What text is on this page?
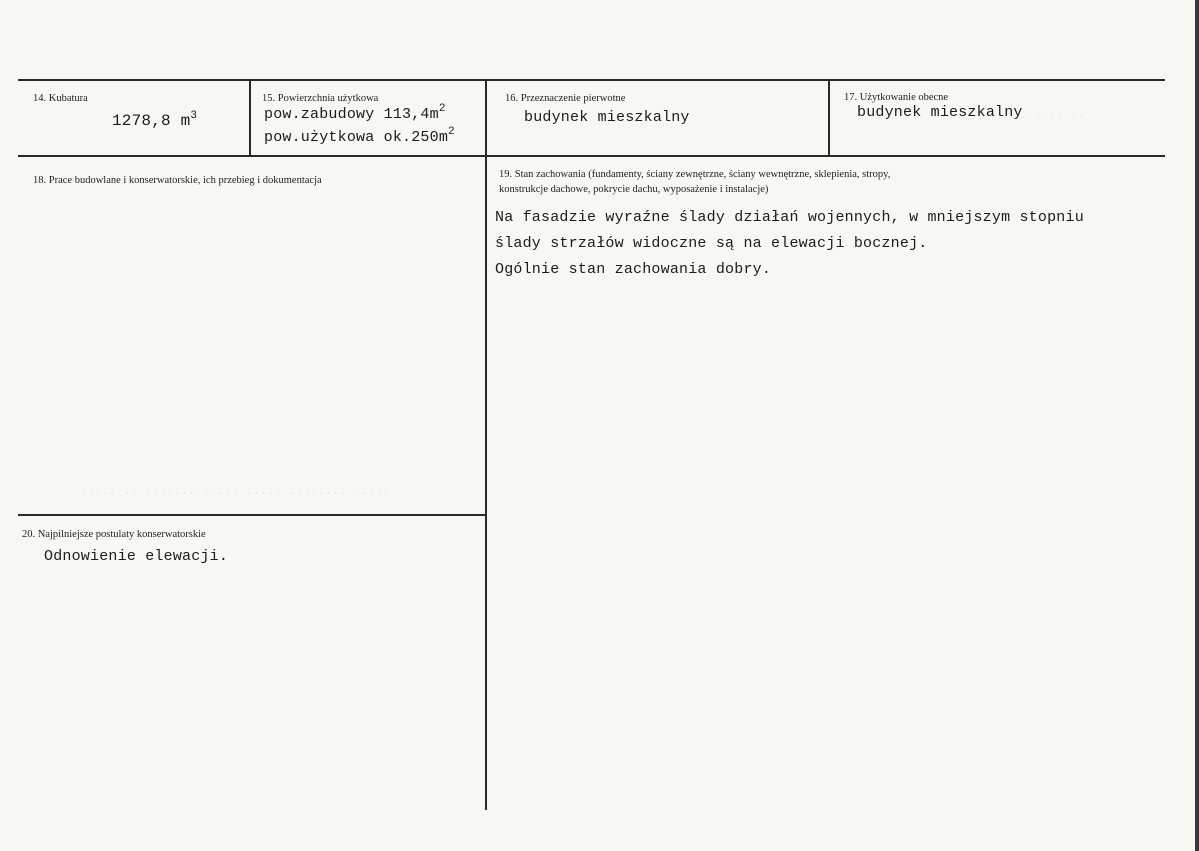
..... .. ....... ..... ..... ........ .....
. .... ..
14. Kubatura
1278,8 $m^3$
15. Powierzchnia użytkowa
pow.zabudowy $113,4m^2$
pow.użytkowa $ok.250m^2$
16. Przeznaczenie pierwotne
budynek mieszkalny
17. Użytkowanie obecne
budynek mieszkalny
18. Prace budowlane i konserwatorskie, ich przebieg i dokumentacja
19. Stan zachowania (fundamenty, ściany zewnętrzne, ściany wewnętrzne, sklepienia, stropy,
konstrukcje dachowe, pokrycie dachu, wyposażenie i instalacje)
Na fasadzie wyraźne ślady działań wojennych, w mniejszym stopniu
ślady strzałów widoczne są na elewacji bocznej.
Ogólnie stan zachowania dobry.
20. Najpilniejsze postulaty konserwatorskie
Odnowienie elewacji.
